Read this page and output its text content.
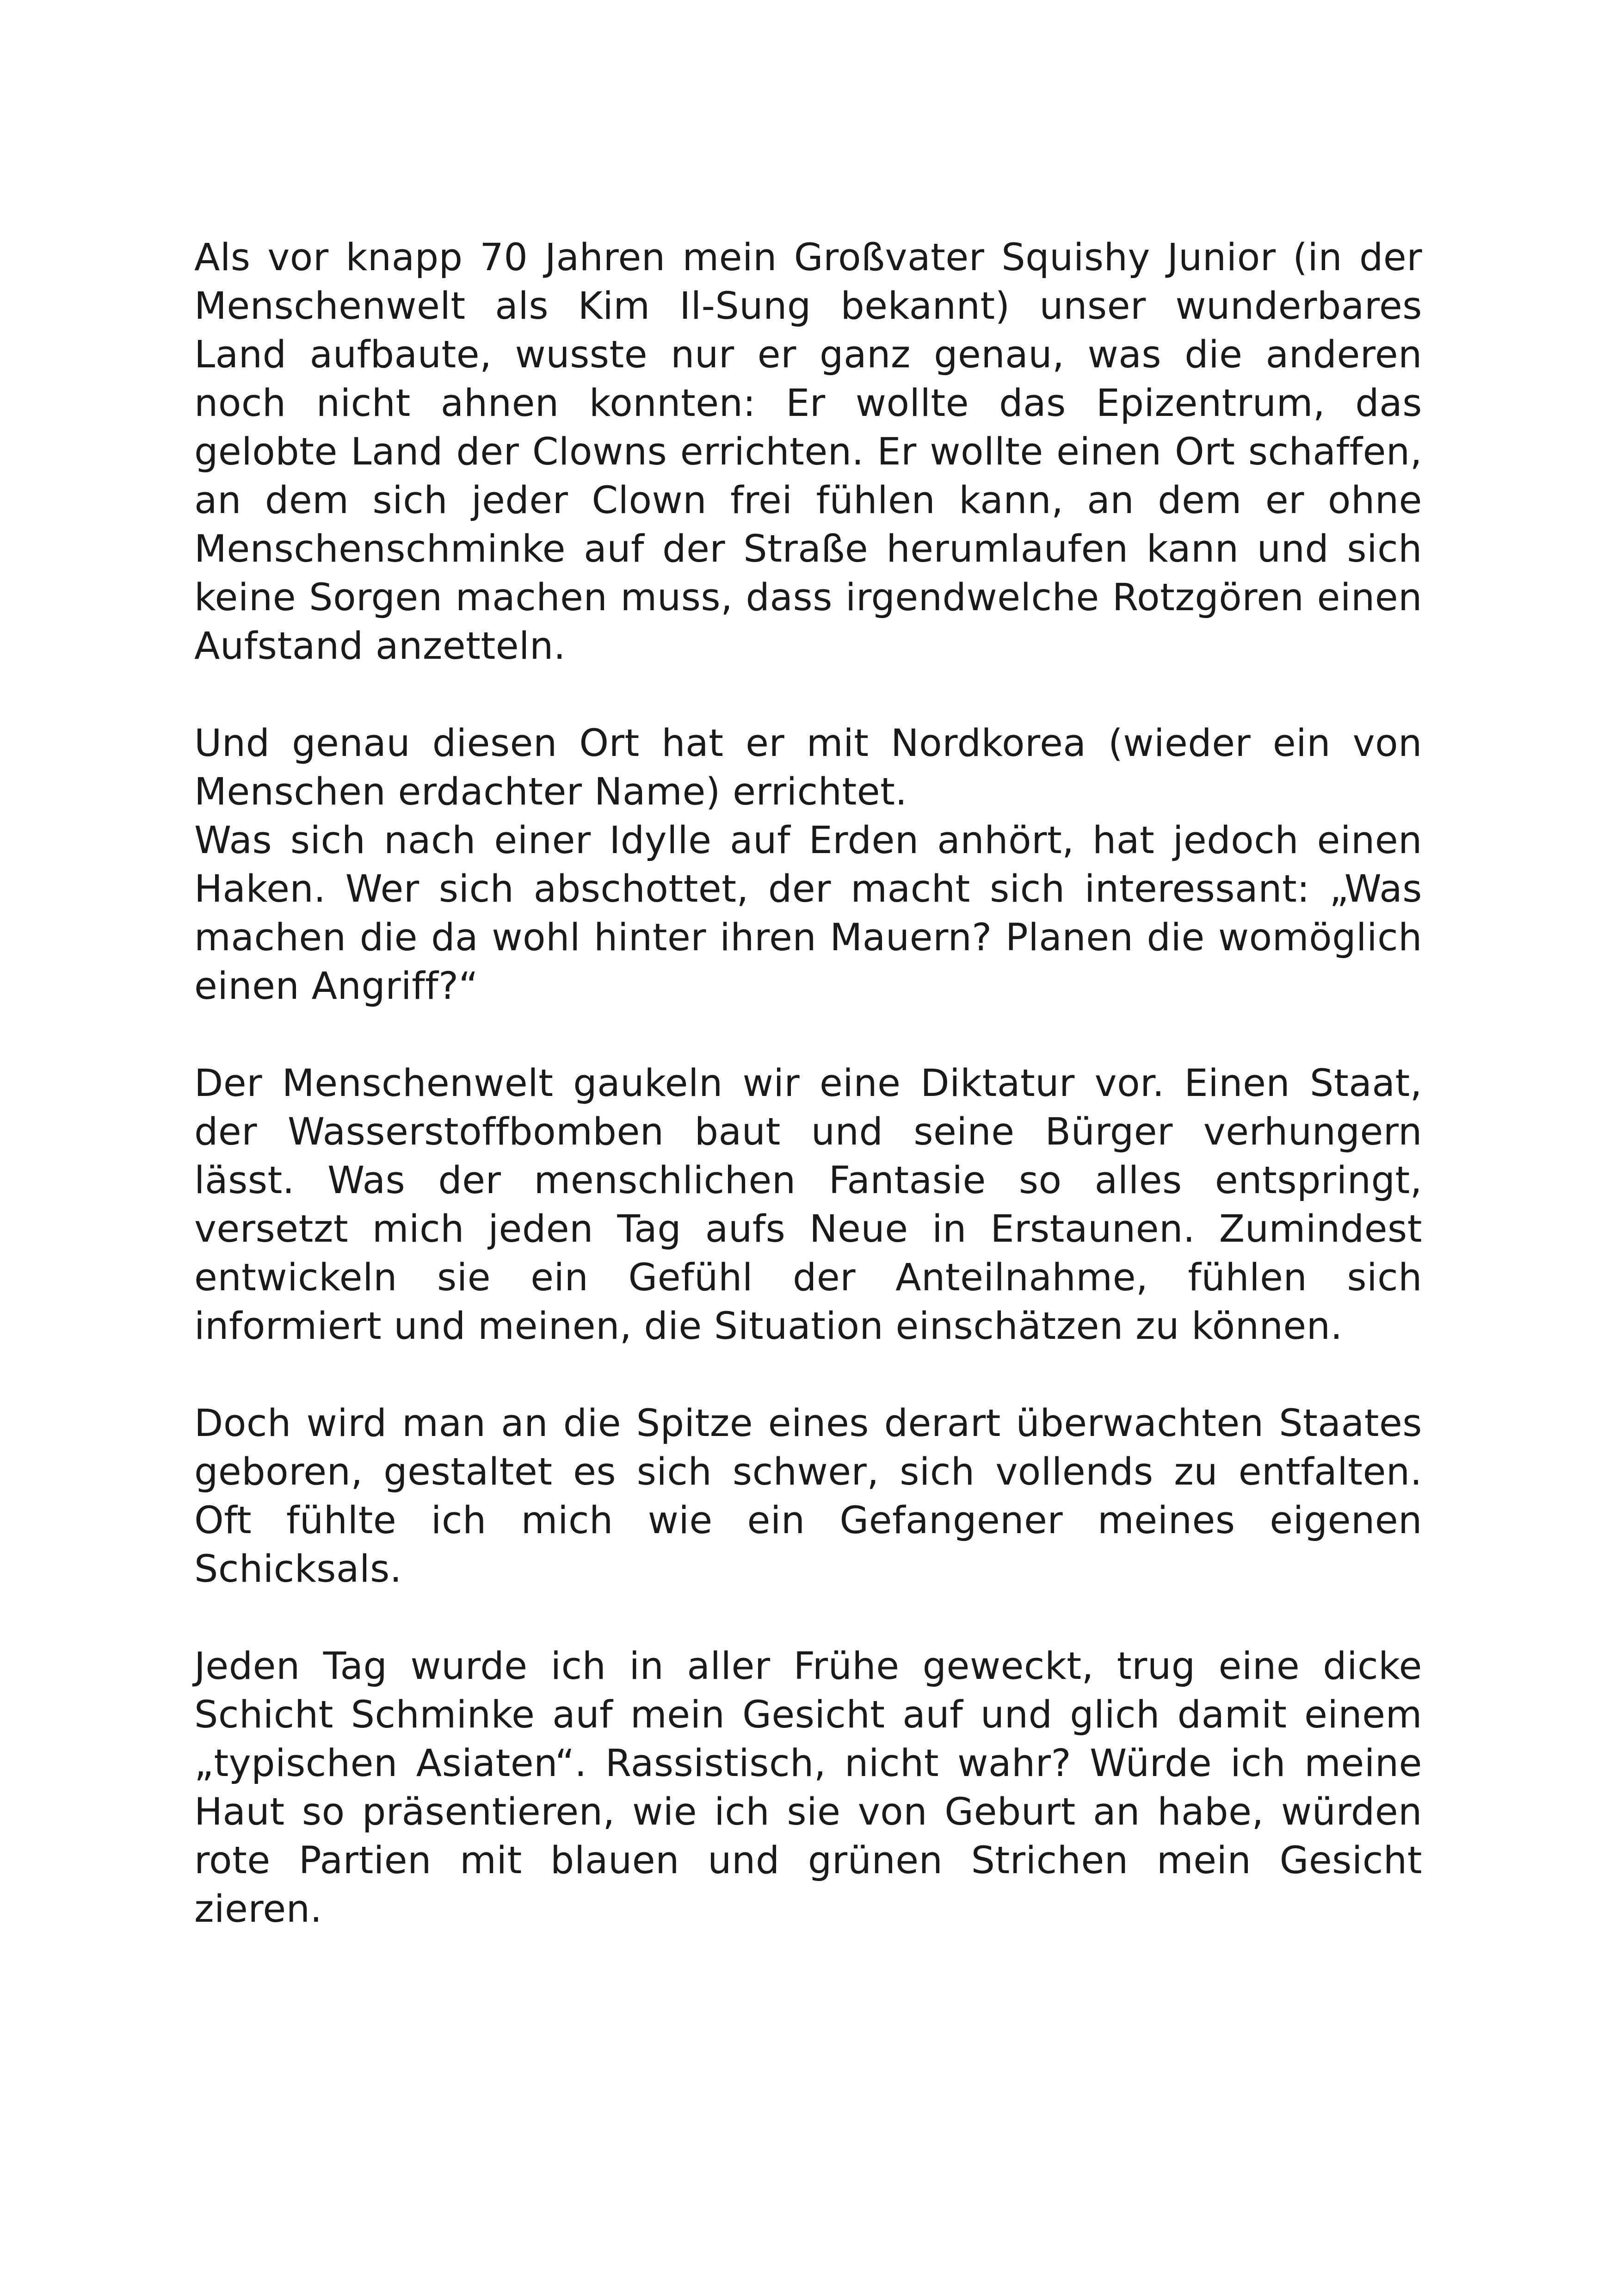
Als vor knapp 70 Jahren mein Großvater Squishy Junior (in der Menschenwelt als Kim Il-Sung bekannt) unser wunderbares Land aufbaute, wusste nur er ganz genau, was die anderen noch nicht ahnen konnten: Er wollte das Epizentrum, das gelobte Land der Clowns errichten. Er wollte einen Ort schaffen, an dem sich jeder Clown frei fühlen kann, an dem er ohne Menschenschminke auf der Straße herumlaufen kann und sich keine Sorgen machen muss, dass irgendwelche Rotzgören einen Aufstand anzetteln.

Und genau diesen Ort hat er mit Nordkorea (wieder ein von Menschen erdachter Name) errichtet.

Was sich nach einer Idylle auf Erden anhört, hat jedoch einen Haken. Wer sich abschottet, der macht sich interessant: „Was machen die da wohl hinter ihren Mauern? Planen die womöglich einen Angriff?“

Der Menschenwelt gaukeln wir eine Diktatur vor. Einen Staat, der Wasserstoffbomben baut und seine Bürger verhungern lässt. Was der menschlichen Fantasie so alles entspringt, versetzt mich jeden Tag aufs Neue in Erstaunen. Zumindest entwickeln sie ein Gefühl der Anteilnahme, fühlen sich informiert und meinen, die Situation einschätzen zu können.

Doch wird man an die Spitze eines derart überwachten Staates geboren, gestaltet es sich schwer, sich vollends zu entfalten. Oft fühlte ich mich wie ein Gefangener meines eigenen Schicksals.

Jeden Tag wurde ich in aller Frühe geweckt, trug eine dicke Schicht Schminke auf mein Gesicht auf und glich damit einem „typischen Asiaten“. Rassistisch, nicht wahr? Würde ich meine Haut so präsentieren, wie ich sie von Geburt an habe, würden rote Partien mit blauen und grünen Strichen mein Gesicht zieren.
